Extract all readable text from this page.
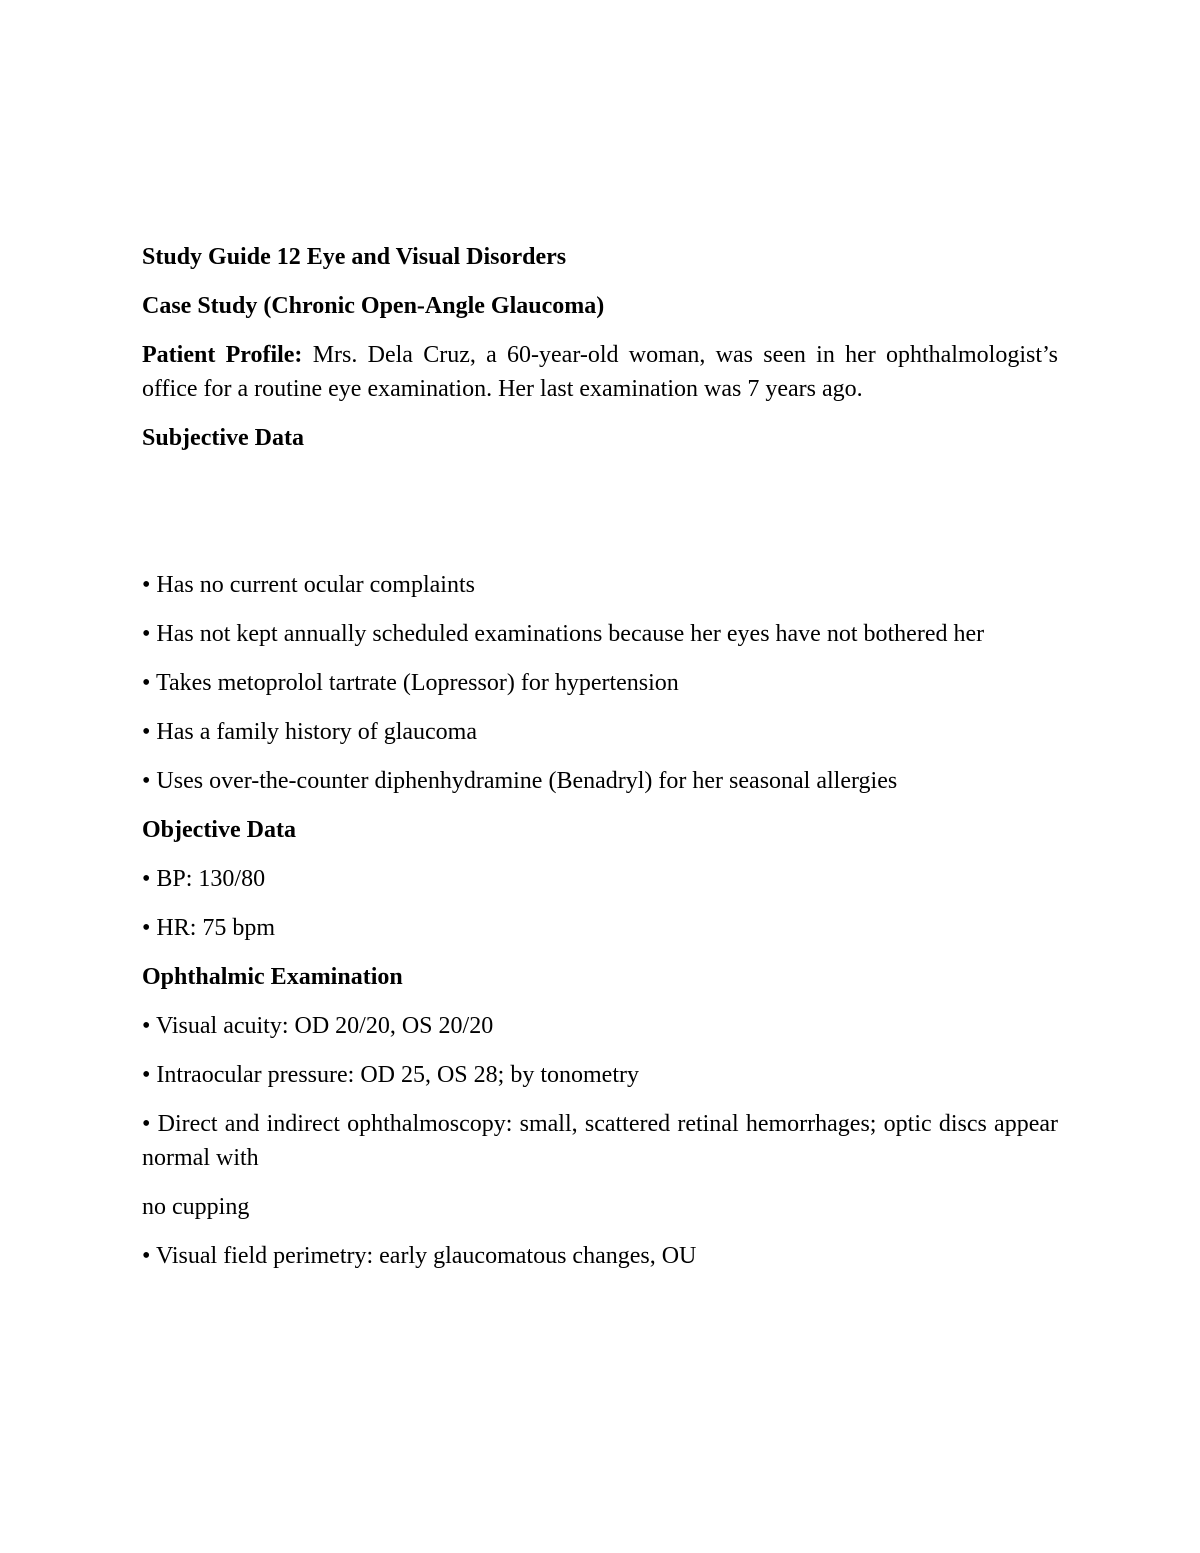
Study Guide 12 Eye and Visual Disorders

Case Study (Chronic Open-Angle Glaucoma)

Patient Profile: Mrs. Dela Cruz, a 60-year-old woman, was seen in her ophthalmologist’s office for a routine eye examination. Her last examination was 7 years ago.

Subjective Data

• Has no current ocular complaints

• Has not kept annually scheduled examinations because her eyes have not bothered her

• Takes metoprolol tartrate (Lopressor) for hypertension

• Has a family history of glaucoma

• Uses over-the-counter diphenhydramine (Benadryl) for her seasonal allergies

Objective Data

• BP: 130/80

• HR: 75 bpm

Ophthalmic Examination

• Visual acuity: OD 20/20, OS 20/20

• Intraocular pressure: OD 25, OS 28; by tonometry

• Direct and indirect ophthalmoscopy: small, scattered retinal hemorrhages; optic discs appear normal with

no cupping

• Visual field perimetry: early glaucomatous changes, OU
